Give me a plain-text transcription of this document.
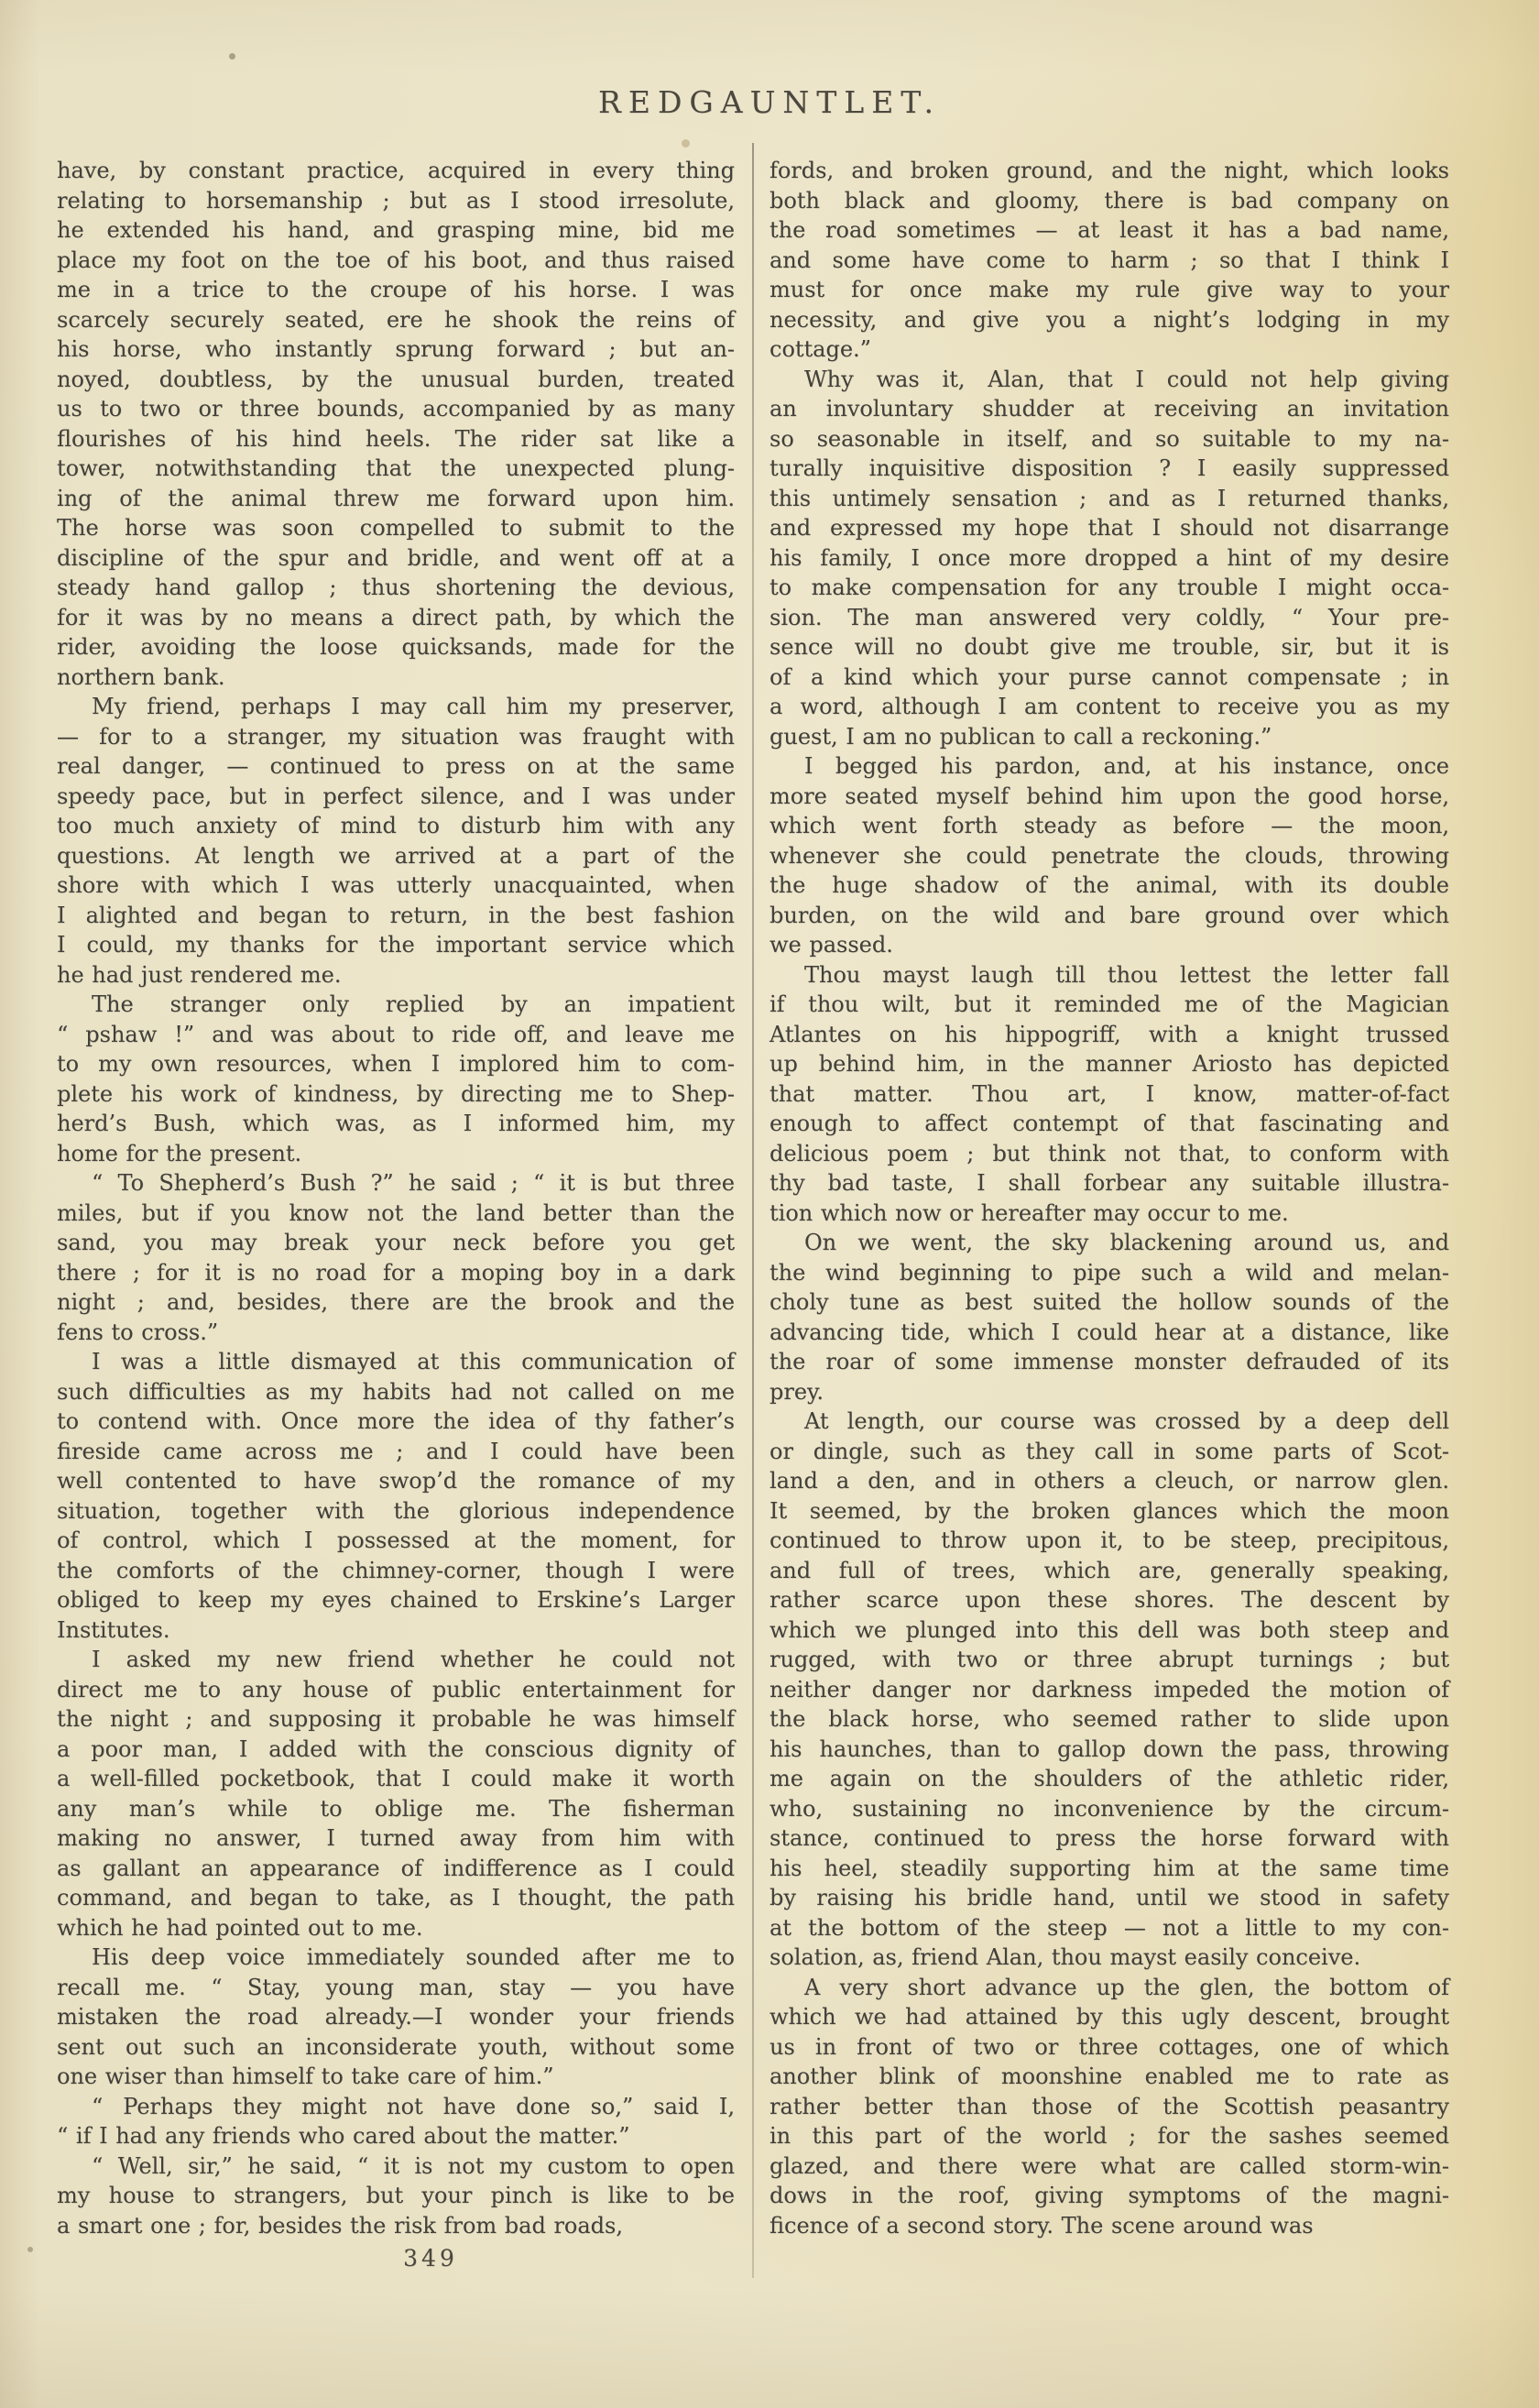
REDGAUNTLET.
have, by constant practice, acquired in every thing
relating to horsemanship ; but as I stood irresolute,
he extended his hand, and grasping mine, bid me
place my foot on the toe of his boot, and thus raised
me in a trice to the croupe of his horse. I was
scarcely securely seated, ere he shook the reins of
his horse, who instantly sprung forward ; but an-
noyed, doubtless, by the unusual burden, treated
us to two or three bounds, accompanied by as many
flourishes of his hind heels. The rider sat like a
tower, notwithstanding that the unexpected plung-
ing of the animal threw me forward upon him.
The horse was soon compelled to submit to the
discipline of the spur and bridle, and went off at a
steady hand gallop ; thus shortening the devious,
for it was by no means a direct path, by which the
rider, avoiding the loose quicksands, made for the
northern bank.
My friend, perhaps I may call him my preserver,
— for to a stranger, my situation was fraught with
real danger, — continued to press on at the same
speedy pace, but in perfect silence, and I was under
too much anxiety of mind to disturb him with any
questions. At length we arrived at a part of the
shore with which I was utterly unacquainted, when
I alighted and began to return, in the best fashion
I could, my thanks for the important service which
he had just rendered me.
The stranger only replied by an impatient
“ pshaw !” and was about to ride off, and leave me
to my own resources, when I implored him to com-
plete his work of kindness, by directing me to Shep-
herd’s Bush, which was, as I informed him, my
home for the present.
“ To Shepherd’s Bush ?” he said ; “ it is but three
miles, but if you know not the land better than the
sand, you may break your neck before you get
there ; for it is no road for a moping boy in a dark
night ; and, besides, there are the brook and the
fens to cross.”
I was a little dismayed at this communication of
such difficulties as my habits had not called on me
to contend with. Once more the idea of thy father’s
fireside came across me ; and I could have been
well contented to have swop’d the romance of my
situation, together with the glorious independence
of control, which I possessed at the moment, for
the comforts of the chimney-corner, though I were
obliged to keep my eyes chained to Erskine’s Larger
Institutes.
I asked my new friend whether he could not
direct me to any house of public entertainment for
the night ; and supposing it probable he was himself
a poor man, I added with the conscious dignity of
a well-filled pocketbook, that I could make it worth
any man’s while to oblige me. The fisherman
making no answer, I turned away from him with
as gallant an appearance of indifference as I could
command, and began to take, as I thought, the path
which he had pointed out to me.
His deep voice immediately sounded after me to
recall me. “ Stay, young man, stay — you have
mistaken the road already.—I wonder your friends
sent out such an inconsiderate youth, without some
one wiser than himself to take care of him.”
“ Perhaps they might not have done so,” said I,
“ if I had any friends who cared about the matter.”
“ Well, sir,” he said, “ it is not my custom to open
my house to strangers, but your pinch is like to be
a smart one ; for, besides the risk from bad roads,
fords, and broken ground, and the night, which looks
both black and gloomy, there is bad company on
the road sometimes — at least it has a bad name,
and some have come to harm ; so that I think I
must for once make my rule give way to your
necessity, and give you a night’s lodging in my
cottage.”
Why was it, Alan, that I could not help giving
an involuntary shudder at receiving an invitation
so seasonable in itself, and so suitable to my na-
turally inquisitive disposition ? I easily suppressed
this untimely sensation ; and as I returned thanks,
and expressed my hope that I should not disarrange
his family, I once more dropped a hint of my desire
to make compensation for any trouble I might occa-
sion. The man answered very coldly, “ Your pre-
sence will no doubt give me trouble, sir, but it is
of a kind which your purse cannot compensate ; in
a word, although I am content to receive you as my
guest, I am no publican to call a reckoning.”
I begged his pardon, and, at his instance, once
more seated myself behind him upon the good horse,
which went forth steady as before — the moon,
whenever she could penetrate the clouds, throwing
the huge shadow of the animal, with its double
burden, on the wild and bare ground over which
we passed.
Thou mayst laugh till thou lettest the letter fall
if thou wilt, but it reminded me of the Magician
Atlantes on his hippogriff, with a knight trussed
up behind him, in the manner Ariosto has depicted
that matter. Thou art, I know, matter-of-fact
enough to affect contempt of that fascinating and
delicious poem ; but think not that, to conform with
thy bad taste, I shall forbear any suitable illustra-
tion which now or hereafter may occur to me.
On we went, the sky blackening around us, and
the wind beginning to pipe such a wild and melan-
choly tune as best suited the hollow sounds of the
advancing tide, which I could hear at a distance, like
the roar of some immense monster defrauded of its
prey.
At length, our course was crossed by a deep dell
or dingle, such as they call in some parts of Scot-
land a den, and in others a cleuch, or narrow glen.
It seemed, by the broken glances which the moon
continued to throw upon it, to be steep, precipitous,
and full of trees, which are, generally speaking,
rather scarce upon these shores. The descent by
which we plunged into this dell was both steep and
rugged, with two or three abrupt turnings ; but
neither danger nor darkness impeded the motion of
the black horse, who seemed rather to slide upon
his haunches, than to gallop down the pass, throwing
me again on the shoulders of the athletic rider,
who, sustaining no inconvenience by the circum-
stance, continued to press the horse forward with
his heel, steadily supporting him at the same time
by raising his bridle hand, until we stood in safety
at the bottom of the steep — not a little to my con-
solation, as, friend Alan, thou mayst easily conceive.
A very short advance up the glen, the bottom of
which we had attained by this ugly descent, brought
us in front of two or three cottages, one of which
another blink of moonshine enabled me to rate as
rather better than those of the Scottish peasantry
in this part of the world ; for the sashes seemed
glazed, and there were what are called storm-win-
dows in the roof, giving symptoms of the magni-
ficence of a second story. The scene around was
349
